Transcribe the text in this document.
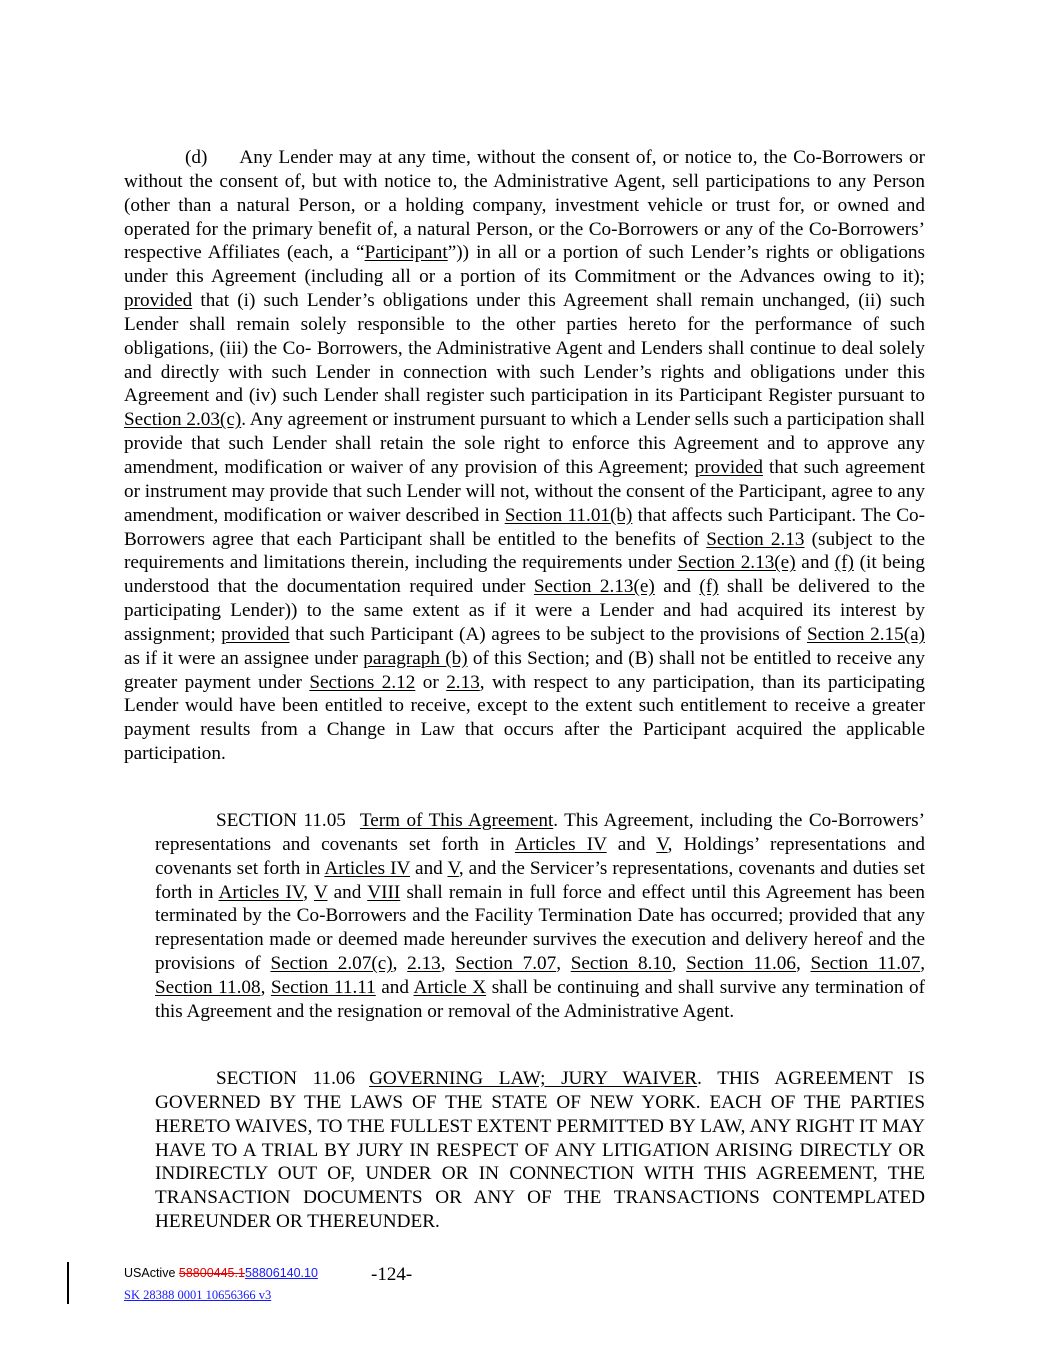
(d) Any Lender may at any time, without the consent of, or notice to, the Co-Borrowers or without the consent of, but with notice to, the Administrative Agent, sell participations to any Person (other than a natural Person, or a holding company, investment vehicle or trust for, or owned and operated for the primary benefit of, a natural Person, or the Co-Borrowers or any of the Co-Borrowers’ respective Affiliates (each, a “Participant”)) in all or a portion of such Lender’s rights or obligations under this Agreement (including all or a portion of its Commitment or the Advances owing to it); provided that (i) such Lender’s obligations under this Agreement shall remain unchanged, (ii) such Lender shall remain solely responsible to the other parties hereto for the performance of such obligations, (iii) the Co- Borrowers, the Administrative Agent and Lenders shall continue to deal solely and directly with such Lender in connection with such Lender’s rights and obligations under this Agreement and (iv) such Lender shall register such participation in its Participant Register pursuant to Section 2.03(c). Any agreement or instrument pursuant to which a Lender sells such a participation shall provide that such Lender shall retain the sole right to enforce this Agreement and to approve any amendment, modification or waiver of any provision of this Agreement; provided that such agreement or instrument may provide that such Lender will not, without the consent of the Participant, agree to any amendment, modification or waiver described in Section 11.01(b) that affects such Participant. The Co-Borrowers agree that each Participant shall be entitled to the benefits of Section 2.13 (subject to the requirements and limitations therein, including the requirements under Section 2.13(e) and (f) (it being understood that the documentation required under Section 2.13(e) and (f) shall be delivered to the participating Lender)) to the same extent as if it were a Lender and had acquired its interest by assignment; provided that such Participant (A) agrees to be subject to the provisions of Section 2.15(a) as if it were an assignee under paragraph (b) of this Section; and (B) shall not be entitled to receive any greater payment under Sections 2.12 or 2.13, with respect to any participation, than its participating Lender would have been entitled to receive, except to the extent such entitlement to receive a greater payment results from a Change in Law that occurs after the Participant acquired the applicable participation.

SECTION 11.05 Term of This Agreement. This Agreement, including the Co-Borrowers’ representations and covenants set forth in Articles IV and V, Holdings’ representations and covenants set forth in Articles IV and V, and the Servicer’s representations, covenants and duties set forth in Articles IV, V and VIII shall remain in full force and effect until this Agreement has been terminated by the Co-Borrowers and the Facility Termination Date has occurred; provided that any representation made or deemed made hereunder survives the execution and delivery hereof and the provisions of Section 2.07(c), 2.13, Section 7.07, Section 8.10, Section 11.06, Section 11.07, Section 11.08, Section 11.11 and Article X shall be continuing and shall survive any termination of this Agreement and the resignation or removal of the Administrative Agent.

SECTION 11.06 GOVERNING LAW; JURY WAIVER. THIS AGREEMENT IS GOVERNED BY THE LAWS OF THE STATE OF NEW YORK. EACH OF THE PARTIES HERETO WAIVES, TO THE FULLEST EXTENT PERMITTED BY LAW, ANY RIGHT IT MAY HAVE TO A TRIAL BY JURY IN RESPECT OF ANY LITIGATION ARISING DIRECTLY OR INDIRECTLY OUT OF, UNDER OR IN CONNECTION WITH THIS AGREEMENT, THE TRANSACTION DOCUMENTS OR ANY OF THE TRANSACTIONS CONTEMPLATED HEREUNDER OR THEREUNDER.

USActive 58800445.158806140.10	-124-
SK 28388 0001 10656366 v3
